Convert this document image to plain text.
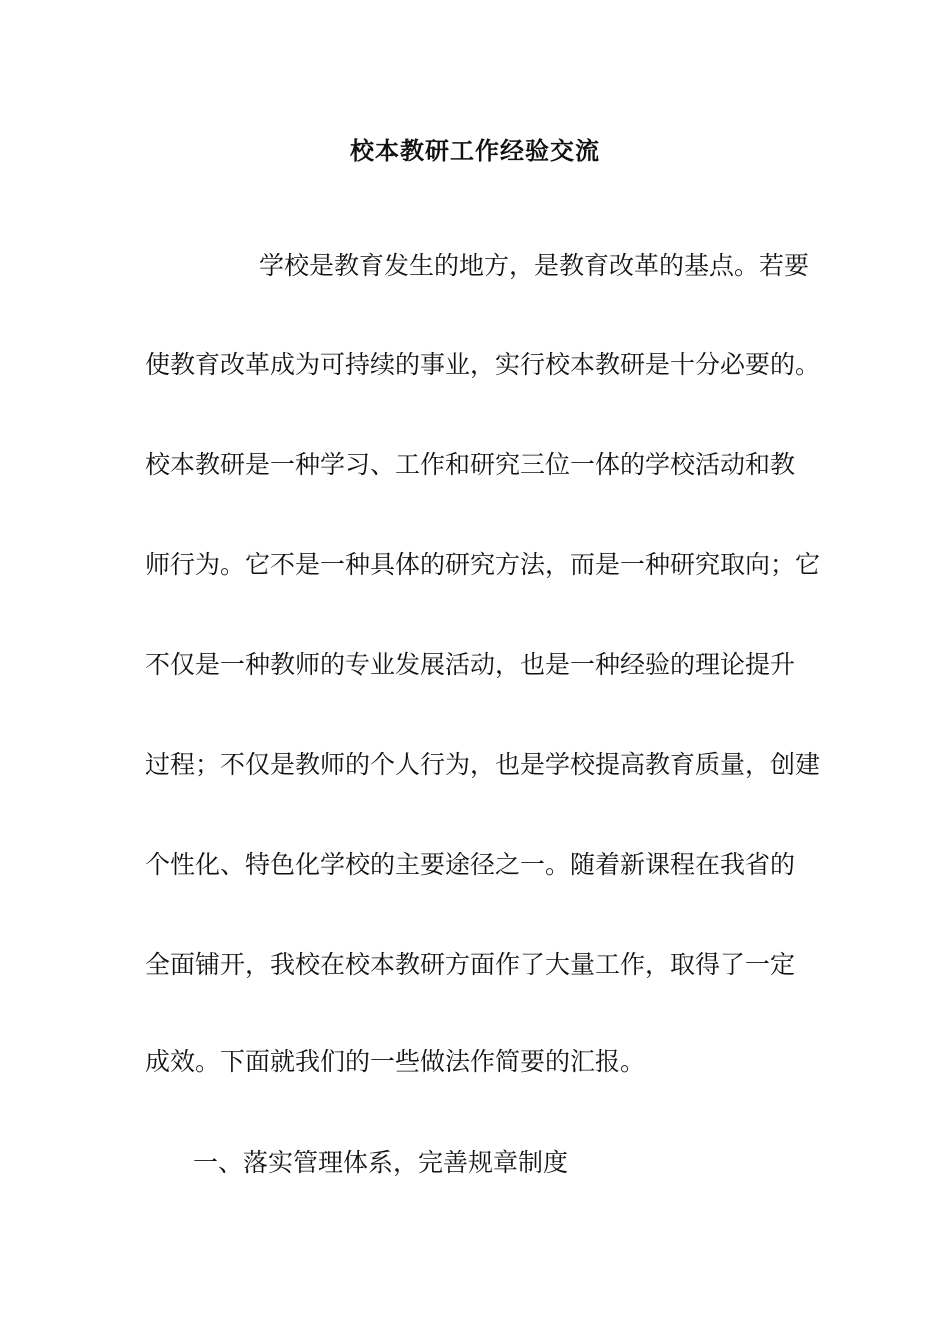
校本教研工作经验交流
学校是教育发生的地方，是教育改革的基点。若要
使教育改革成为可持续的事业，实行校本教研是十分必要的。
校本教研是一种学习、工作和研究三位一体的学校活动和教
师行为。它不是一种具体的研究方法，而是一种研究取向；它
不仅是一种教师的专业发展活动，也是一种经验的理论提升
过程；不仅是教师的个人行为，也是学校提高教育质量，创建
个性化、特色化学校的主要途径之一。随着新课程在我省的
全面铺开，我校在校本教研方面作了大量工作，取得了一定
成效。下面就我们的一些做法作简要的汇报。
一、落实管理体系，完善规章制度
